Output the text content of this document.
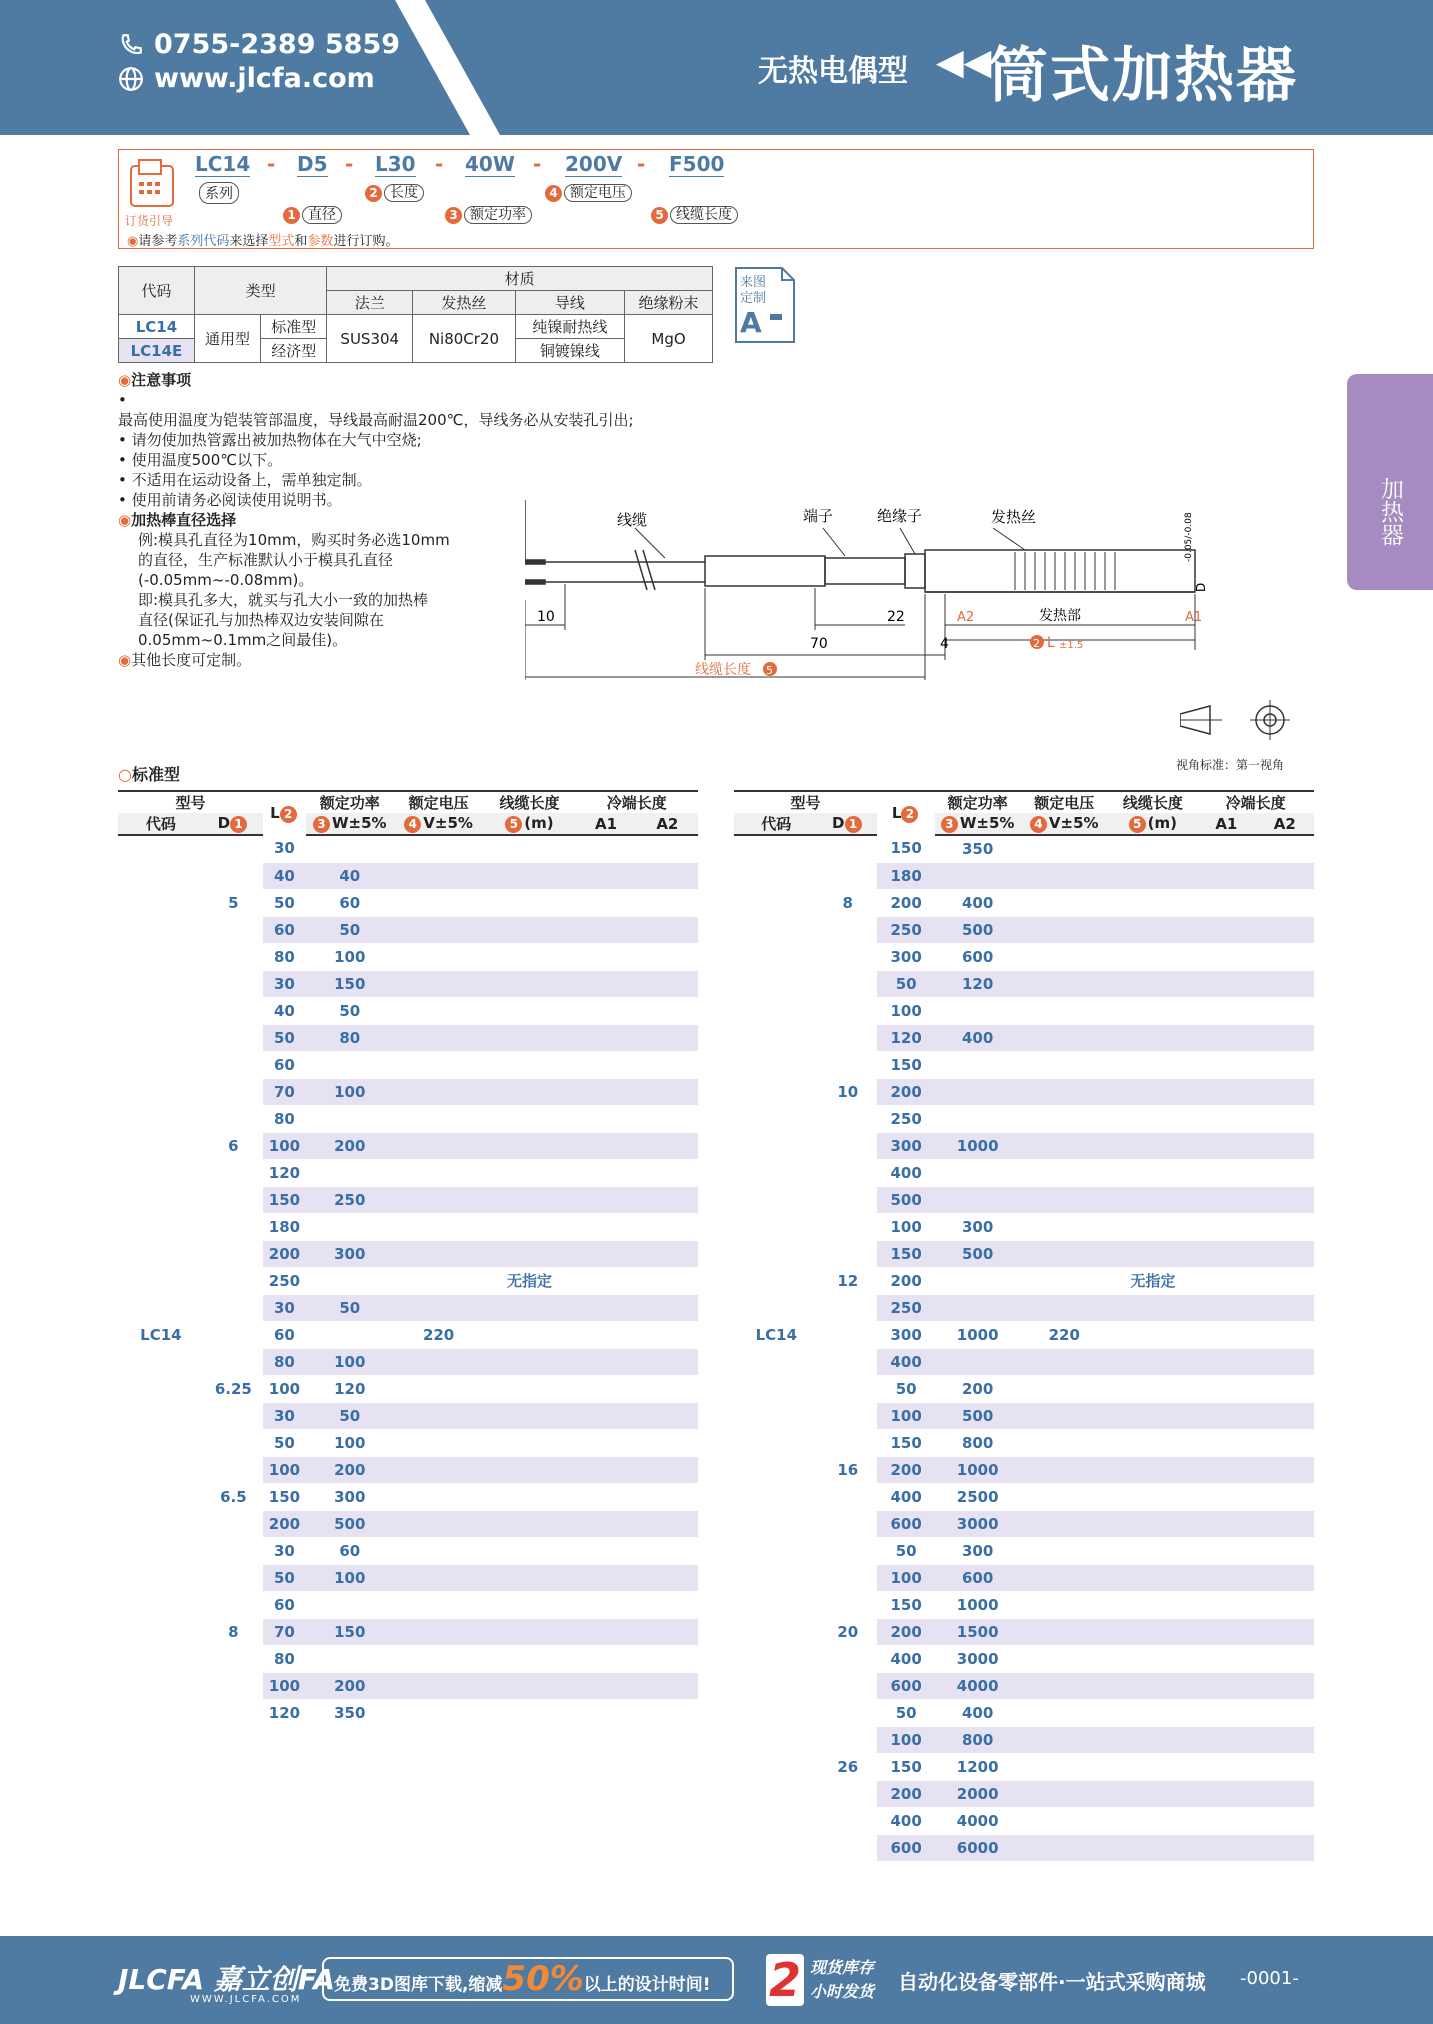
0755-2389 5859
www.jlcfa.com	无热电偶型 ◀◀
筒式加热器
加热器
订货引导
LC14 - D5 - L30 - 40W - 200V - F500
系列
1 直径
2 长度
3 额定功率
4 额定电压
5 线缆长度
◉请参考系列代码来选择型式和参数进行订购。
代码	类型		材质			
			法兰	发热丝	导线	绝缘粉末
LC14	通用型	标准型	SUS304	Ni80Cr20	纯镍耐热线	MgO
LC14E		经济型			铜镀镍线	
来图
定制
A
◉注意事项
• 最高使用温度为铠装管部温度，导线最高耐温200℃，导线务必从安装孔引出;
• 请勿使加热管露出被加热物体在大气中空烧;
• 使用温度500℃以下。
• 不适用在运动设备上，需单独定制。
• 使用前请务必阅读使用说明书。
◉加热棒直径选择
例:模具孔直径为10mm，购买时务必选10mm
的直径，生产标准默认小于模具孔直径
(-0.05mm~-0.08mm)。
即:模具孔多大，就买与孔大小一致的加热棒
直径(保证孔与加热棒双边安装间隙在
0.05mm~0.1mm之间最佳)。
◉其他长度可定制。
线缆	端子	绝缘子	发热丝
10	22
70	4
A2	发热部	A1
2 L ±1.5
线缆长度 5
D
-0.05/-0.08
视角标准：第一视角
○标准型
型号		L 2	额定功率	额定电压	线缆长度	冷端长度	
代码	D 1		3 W±5%	4 V±5%	5 (m)	A1	A2
		30					
		40	40				
	5	50	60				
		60	50				
		80	100				
		30	150				
		40	50				
		50	80				
		60					
		70	100				
		80					
	6	100	200				
		120					
		150	250				
		180					
		200	300				
		250			无指定		
		30	50				
LC14		60		220			
		80	100				
	6.25	100	120				
		30	50				
		50	100				
		100	200				
	6.5	150	300				
		200	500				
		30	60				
		50	100				
		60					
	8	70	150				
		80					
		100	200				
		120	350				
型号		L 2	额定功率	额定电压	线缆长度	冷端长度	
代码	D 1		3 W±5%	4 V±5%	5 (m)	A1	A2
		150	350				
		180					
	8	200	400				
		250	500				
		300	600				
		50	120				
		100					
		120	400				
		150					
	10	200					
		250					
		300	1000				
		400					
		500					
		100	300				
		150	500				
	12	200			无指定		
		250					
LC14		300	1000	220			
		400					
		50	200				
		100	500				
		150	800				
	16	200	1000				
		400	2500				
		600	3000				
		50	300				
		100	600				
		150	1000				
	20	200	1500				
		400	3000				
		600	4000				
		50	400				
		100	800				
	26	150	1200				
		200	2000				
		400	4000				
		600	6000				
JLCFA 嘉立创FA
WWW.JLCFA.COM
免费3D图库下载,缩减50%以上的设计时间!	2 现货库存
小时发货 自动化设备零部件·一站式采购商城 -0001-
